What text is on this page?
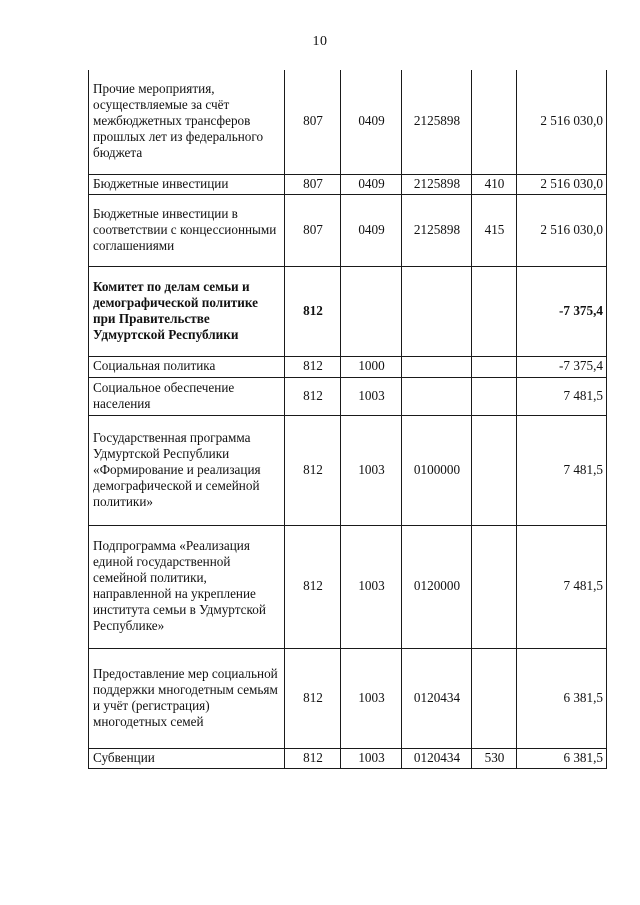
10
Прочие мероприятия, осуществляемые за счёт межбюджетных трансферов прошлых лет из федерального бюджета	807	0409	2125898		2 516 030,0
Бюджетные инвестиции	807	0409	2125898	410	2 516 030,0
Бюджетные инвестиции в соответствии с концессионными соглашениями	807	0409	2125898	415	2 516 030,0
Комитет по делам семьи и демографической политике при Правительстве Удмуртской Республики	812				-7 375,4
Социальная политика	812	1000			-7 375,4
Социальное обеспечение населения	812	1003			7 481,5
Государственная программа Удмуртской Республики «Формирование и реализация демографической и семейной политики»	812	1003	0100000		7 481,5
Подпрограмма «Реализация единой государственной семейной политики, направленной на укрепление института семьи в Удмуртской Республике»	812	1003	0120000		7 481,5
Предоставление мер социальной поддержки многодетным семьям и учёт (регистрация) многодетных семей	812	1003	0120434		6 381,5
Субвенции	812	1003	0120434	530	6 381,5
